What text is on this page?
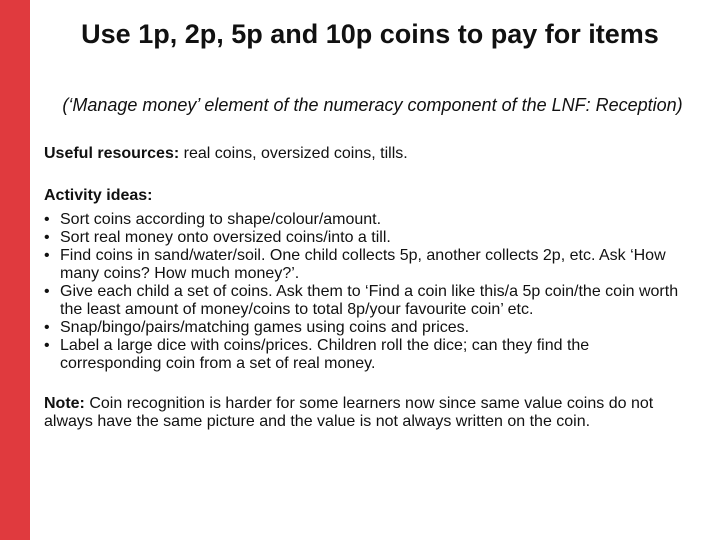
Use 1p, 2p, 5p and 10p coins to pay for items

(‘Manage money’ element of the numeracy component of the LNF: Reception)

Useful resources: real coins, oversized coins, tills.

Activity ideas:

• Sort coins according to shape/colour/amount.
• Sort real money onto oversized coins/into a till.
• Find coins in sand/water/soil. One child collects 5p, another collects 2p, etc. Ask ‘How many coins? How much money?’.
• Give each child a set of coins. Ask them to ‘Find a coin like this/a 5p coin/the coin worth the least amount of money/coins to total 8p/your favourite coin’ etc.
• Snap/bingo/pairs/matching games using coins and prices.
• Label a large dice with coins/prices. Children roll the dice; can they find the corresponding coin from a set of real money.

Note: Coin recognition is harder for some learners now since same value coins do not always have the same picture and the value is not always written on the coin.
